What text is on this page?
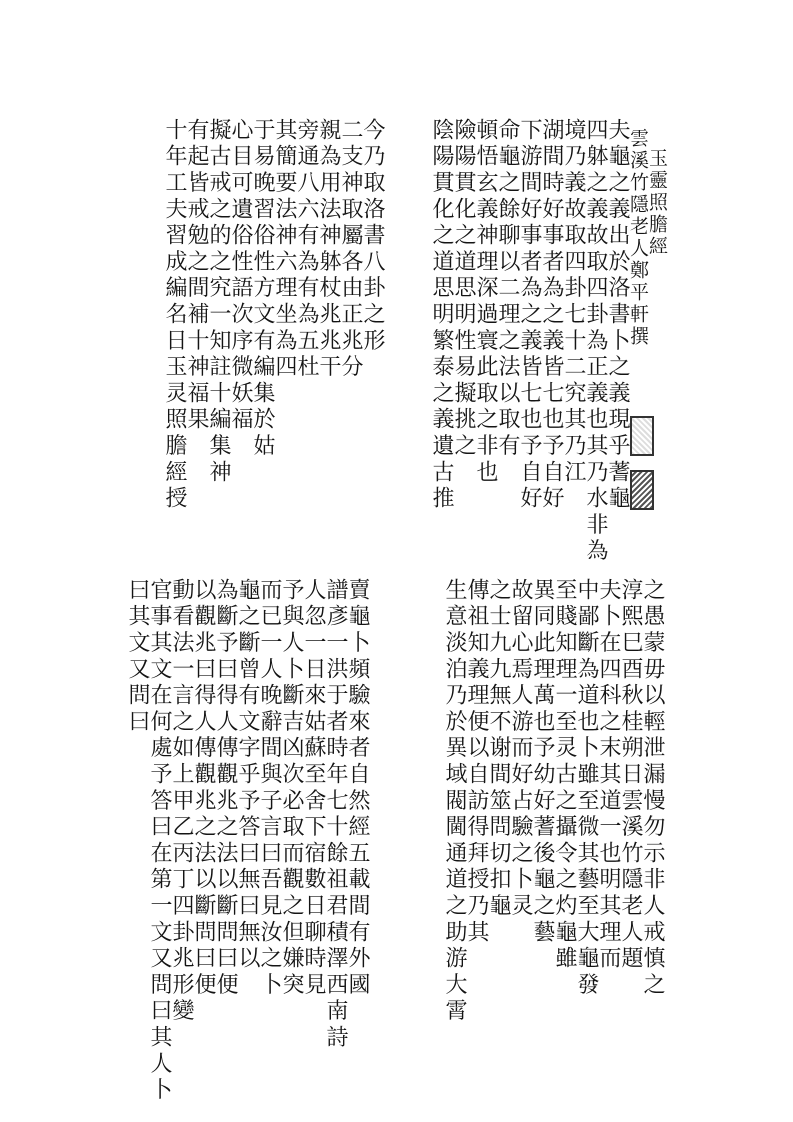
今乃取洛書八卦之形
二支神取屬各由正兆分
親為用法神躰杖兆兆干
旁通八六有為有為五杜
其簡要法神六理坐為四
于易晚習俗性方文有編集於姑
心目可遺俗性語次序微妖福
擬古戒之的之究一知註十編集神
有起皆戒勉之間補十神福果
十年工夫習成編名日玉灵照膽經授	玉靈照膽經
雲溪竹隱老人鄭平軒撰
夫龜之義出於洛書卜之義現乎蓍龜
四躰之義故取四卦為正義也其乃水非為
境乃義故取四卦七十二究其乃江
湖間時好事者為之義皆七也予自好
下游間好事者為之義皆七也予自好
命龜之餘聊以二理之法以取有
頓悟玄義神理深過寰此取之非也
險陽貫化之道思明性易擬挑之
陰陽貫化之道思明繁泰之義遺古推
賣龜卜頻驗來者自然經五載間有外國
譜彥一洪于者時年七十餘祖君積澤西南詩
人忽一日來姑蘇至舍下宿數日聊時見
予與人卜斷吉凶次必取而觀之但嫌突
而已一人晚辭間與子言曰吾見汝之卜
龜之斷曾有文字乎予答曰無曰無以
為斷予曰得人傳觀兆之法以斷問曰便
以觀兆曰得人傳觀兆之法以斷問曰便
動看法一言之如上甲乙丙丁四卦兆形變
官事其文在何處予答曰在第一文又問曰其人卜
曰其文又問曰	之愚蒙毋以輕泄漏慢勿示非人戒慎之
淳熙巳酉秋桂朔日雲溪竹隱老人題
夫卜在四科之末其道一也明其理而
中鄙斷為道也卜雖至微其藝至大龜發
至賤知理一至灵古之攝令之灼龜雖
異同此理萬也予幼好蓍後龜之藝
故留心焉人游而好占驗之卜灵
之士九九無不谢間筮問切扣龜
傳祖知義理便以自訪得拜授乃其
生意淡泊乃於異域閥閫通道之助游大霄
